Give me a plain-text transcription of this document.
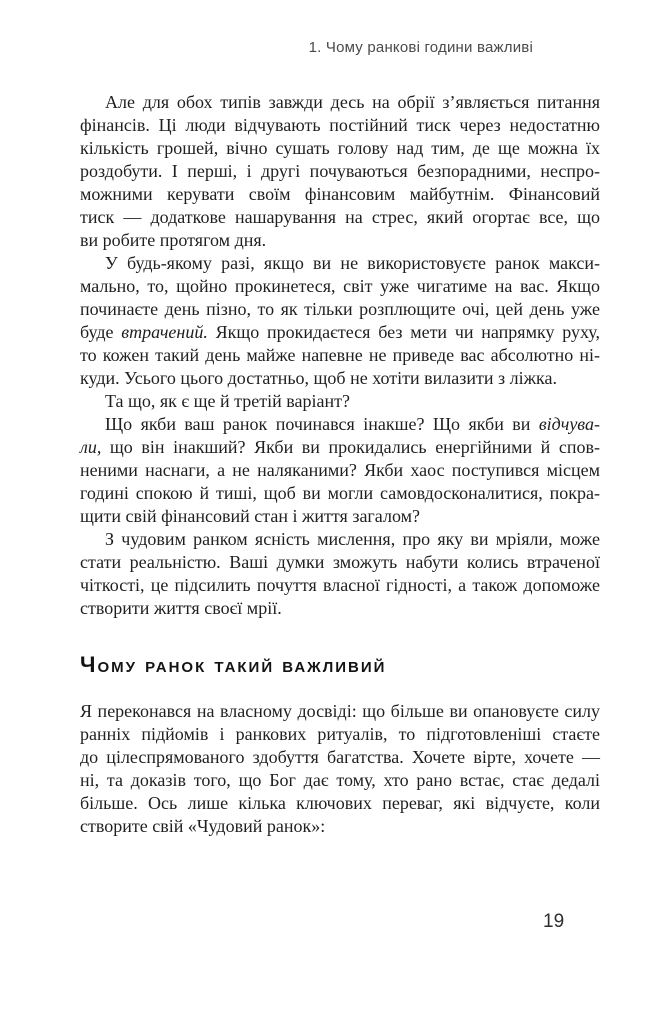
1. Чому ранкові години важливі
Але для обох типів завжди десь на обрії з’являється питання
фінансів. Ці люди відчувають постійний тиск через недостатню
кількість грошей, вічно сушать голову над тим, де ще можна їх
роздобути. І перші, і другі почуваються безпорадними, неспро-
можними керувати своїм фінансовим майбутнім. Фінансовий
тиск — додаткове нашарування на стрес, який огортає все, що
ви робите протягом дня.
У будь-якому разі, якщо ви не використовуєте ранок макси-
мально, то, щойно прокинетеся, світ уже чигатиме на вас. Якщо
починаєте день пізно, то як тільки розплющите очі, цей день уже
буде втрачений. Якщо прокидаєтеся без мети чи напрямку руху,
то кожен такий день майже напевне не приведе вас абсолютно ні-
куди. Усього цього достатньо, щоб не хотіти вилазити з ліжка.
Та що, як є ще й третій варіант?
Що якби ваш ранок починався інакше? Що якби ви відчува-
ли, що він інакший? Якби ви прокидались енергійними й спов-
неними наснаги, а не наляканими? Якби хаос поступився місцем
годині спокою й тиші, щоб ви могли самовдосконалитися, покра-
щити свій фінансовий стан і життя загалом?
З чудовим ранком ясність мислення, про яку ви мріяли, може
стати реальністю. Ваші думки зможуть набути колись втраченої
чіткості, це підсилить почуття власної гідності, а також допоможе
створити життя своєї мрії.
Чому ранок такий важливий
Я переконався на власному досвіді: що більше ви опановуєте силу
ранніх підйомів і ранкових ритуалів, то підготовленіші стаєте
до цілеспрямованого здобуття багатства. Хочете вірте, хочете —
ні, та доказів того, що Бог дає тому, хто рано встає, стає дедалі
більше. Ось лише кілька ключових переваг, які відчуєте, коли
створите свій «Чудовий ранок»:
19
